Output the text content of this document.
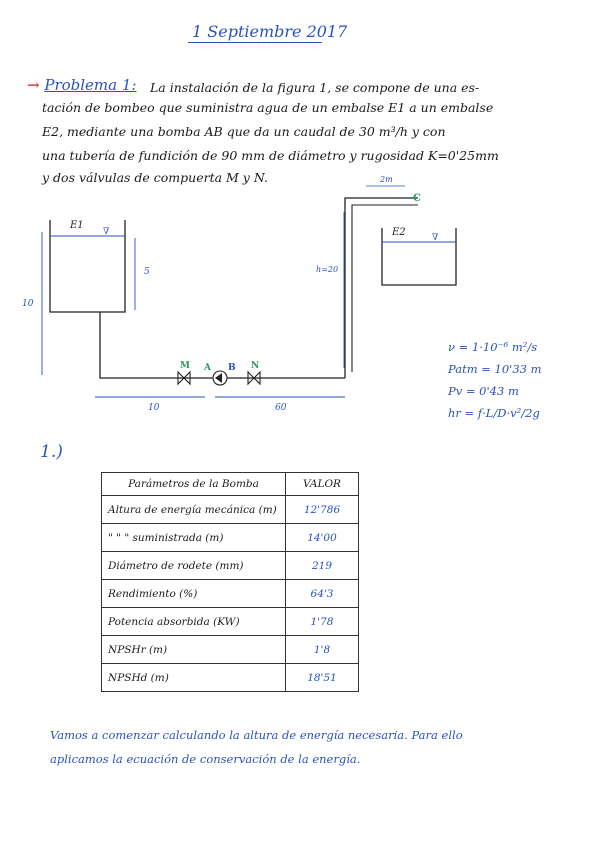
1 Septiembre 2017
→ Problema 1: La instalación de la figura 1, se compone de una es-
tación de bombeo que suministra agua de un embalse E1 a un embalse
E2, mediante una bomba AB que da un caudal de 30 m³/h y con
una tubería de fundición de 90 mm de diámetro y rugosidad K=0'25mm
y dos válvulas de compuerta M y N.
∇
E1
C
2m
∇
E2
10
5	h=20
M A B N
10	60
ν = 1·10⁻⁶ m²/s
Patm = 10'33 m
Pv = 0'43 m
hr = f·L/D·v²/2g
1.)
Parámetros de la Bomba	VALOR
Altura de energía mecánica (m)	12'786
" " " suministrada (m)	14'00
Diámetro de rodete (mm)	219
Rendimiento (%)	64'3
Potencia absorbida (KW)	1'78
NPSHr (m)	1'8
NPSHd (m)	18'51
Vamos a comenzar calculando la altura de energía necesaria. Para ello
aplicamos la ecuación de conservación de la energía.
